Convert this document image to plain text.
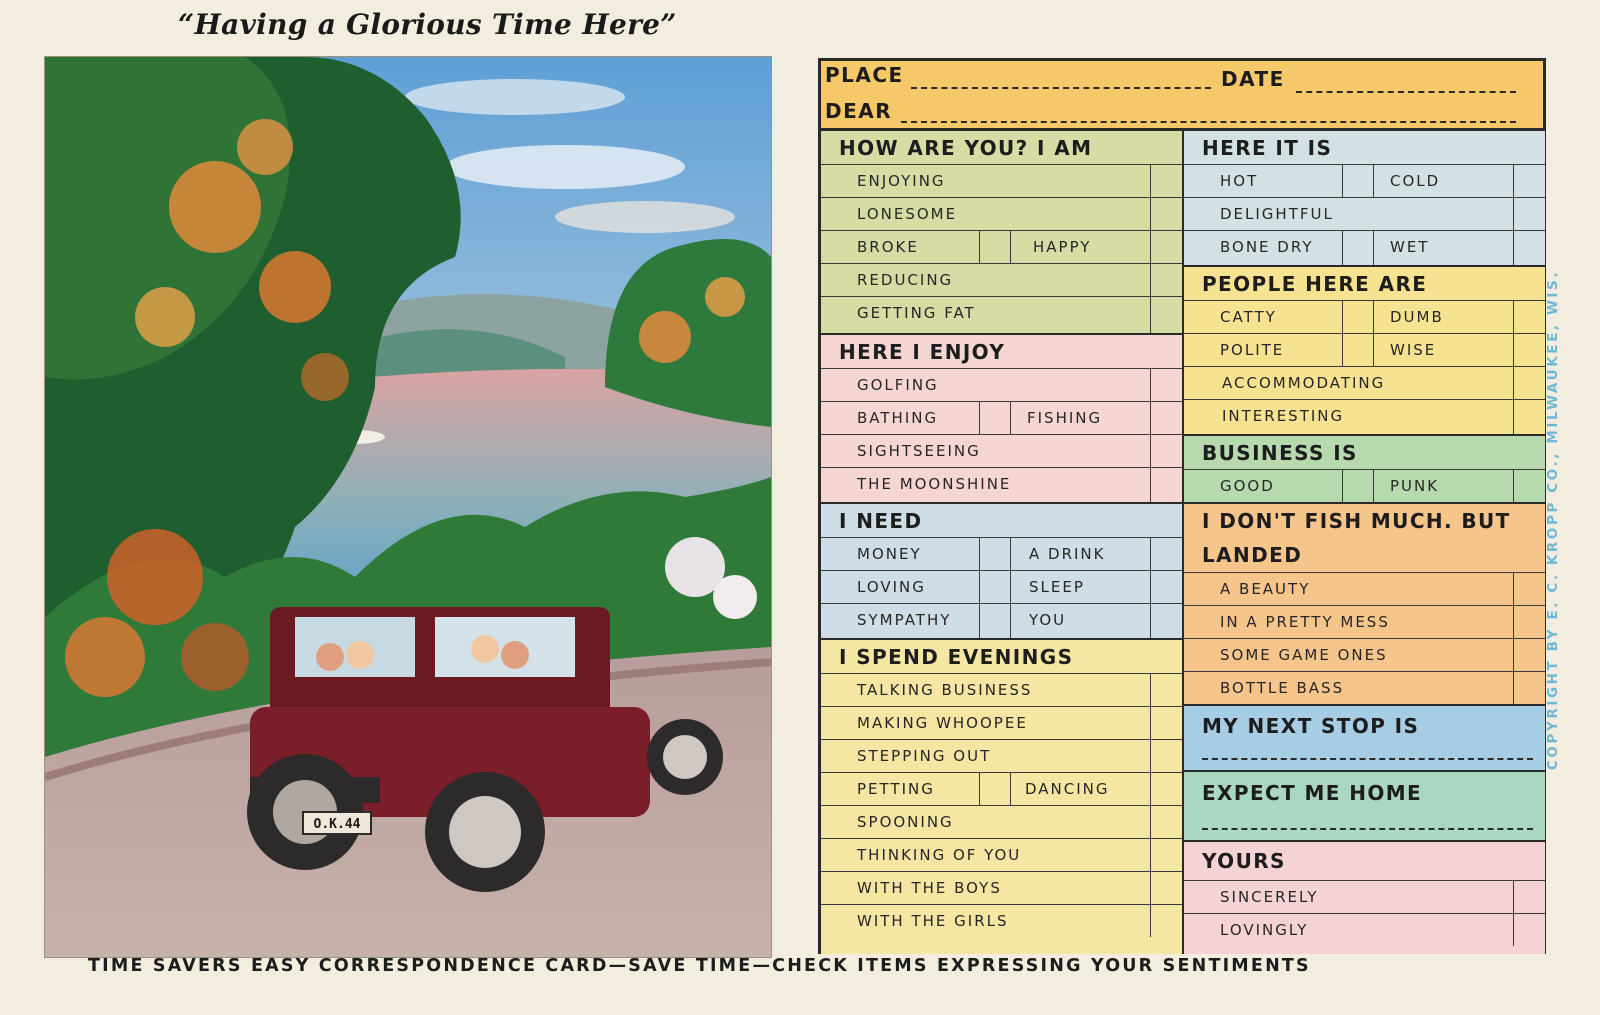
“Having a Glorious Time Here”
O.K.44
PLACE	DATE
DEAR
HOW ARE YOU? I AM
ENJOYING
LONESOME
BROKE	HAPPY
REDUCING
GETTING FAT
HERE I ENJOY
GOLFING
BATHING	FISHING
SIGHTSEEING
THE MOONSHINE
I NEED
MONEY	A DRINK
LOVING	SLEEP
SYMPATHY	YOU
I SPEND EVENINGS
TALKING BUSINESS
MAKING WHOOPEE
STEPPING OUT
PETTING	DANCING
SPOONING
THINKING OF YOU
WITH THE BOYS
WITH THE GIRLS
HERE IT IS
HOT	COLD
DELIGHTFUL
BONE DRY	WET
PEOPLE HERE ARE
CATTY	DUMB
POLITE	WISE
ACCOMMODATING
INTERESTING
BUSINESS IS
GOOD	PUNK
I DON'T FISH MUCH. BUT LANDED
A BEAUTY
IN A PRETTY MESS
SOME GAME ONES
BOTTLE BASS
MY NEXT STOP IS
EXPECT ME HOME
YOURS
SINCERELY
LOVINGLY
TIME SAVERS EASY CORRESPONDENCE CARD—SAVE TIME—CHECK ITEMS EXPRESSING YOUR SENTIMENTS
COPYRIGHT BY E. C. KROPP CO., MILWAUKEE, WIS.
